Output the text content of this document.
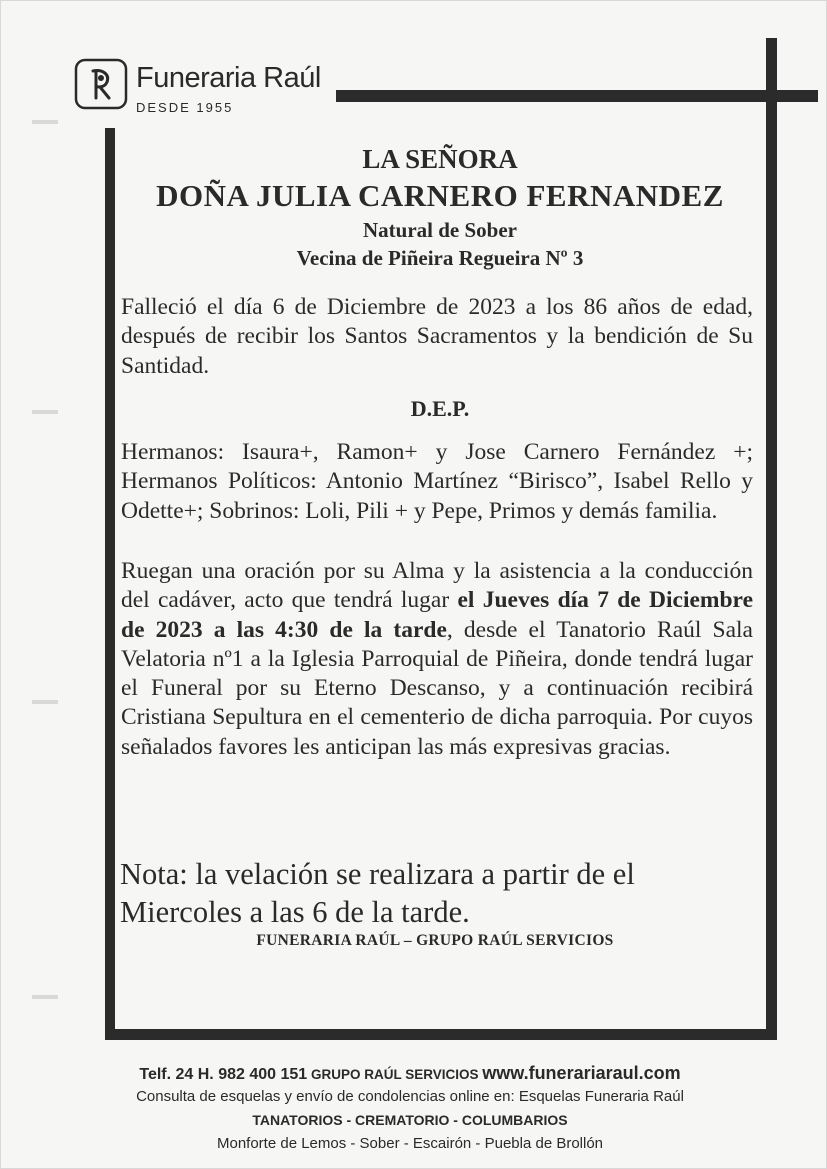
Funeraria Raúl
DESDE 1955
LA SEÑORA
DOÑA JULIA CARNERO FERNANDEZ
Natural de Sober
Vecina de Piñeira Regueira Nº 3

Falleció el día 6 de Diciembre de 2023 a los 86 años de edad, después de recibir los Santos Sacramentos y la bendición de Su Santidad.

D.E.P.

Hermanos: Isaura+, Ramon+ y Jose Carnero Fernández +; Hermanos Políticos: Antonio Martínez “Birisco”, Isabel Rello y Odette+; Sobrinos: Loli, Pili + y Pepe, Primos y demás familia.

Ruegan una oración por su Alma y la asistencia a la conducción del cadáver, acto que tendrá lugar el Jueves día 7 de Diciembre de 2023 a las 4:30 de la tarde, desde el Tanatorio Raúl Sala Velatoria nº1 a la Iglesia Parroquial de Piñeira, donde tendrá lugar el Funeral por su Eterno Descanso, y a continuación recibirá Cristiana Sepultura en el cementerio de dicha parroquia. Por cuyos señalados favores les anticipan las más expresivas gracias.

Nota: la velación se realizara a partir de el
Miercoles a las 6 de la tarde.
FUNERARIA RAÚL – GRUPO RAÚL SERVICIOS
Telf. 24 H. 982 400 151 GRUPO RAÚL SERVICIOS www.funerariaraul.com
Consulta de esquelas y envío de condolencias online en: Esquelas Funeraria Raúl
TANATORIOS - CREMATORIO - COLUMBARIOS
Monforte de Lemos - Sober - Escairón - Puebla de Brollón
